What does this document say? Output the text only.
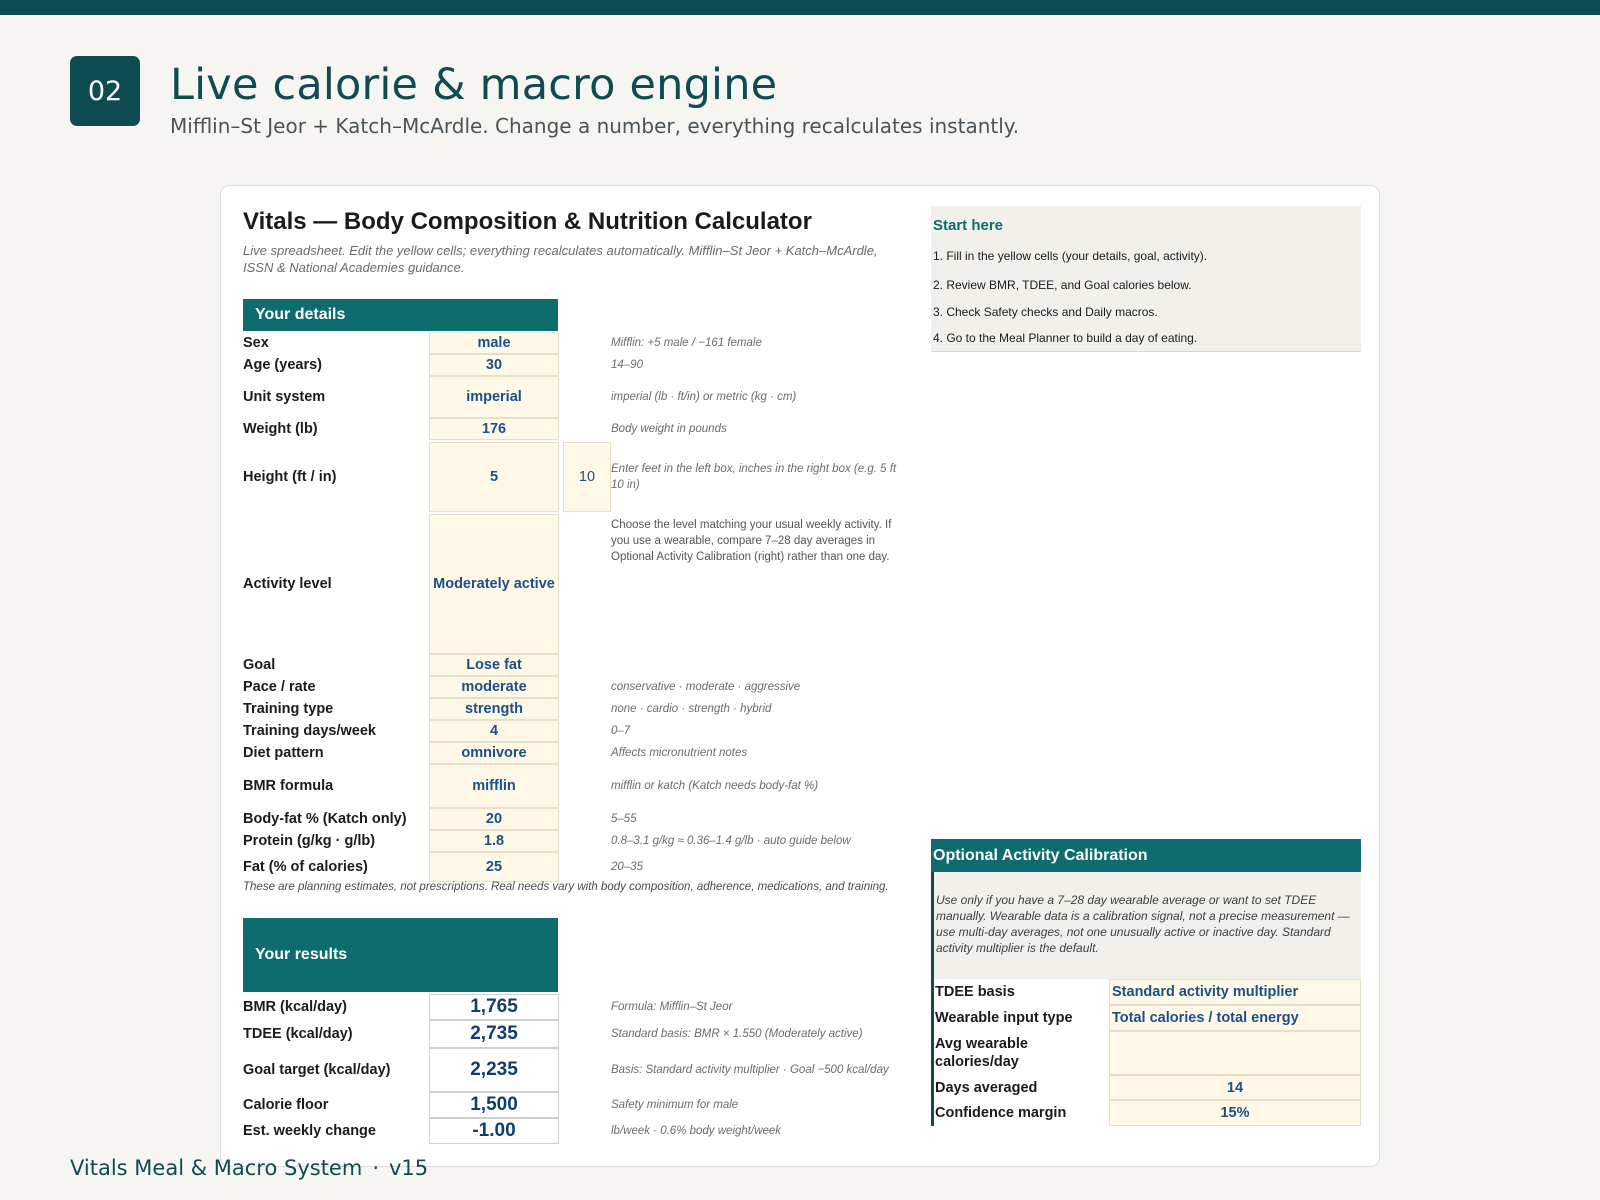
02	Live calorie & macro engine
Mifflin–St Jeor + Katch–McArdle. Change a number, everything recalculates instantly.
Vitals — Body Composition & Nutrition Calculator
Live spreadsheet. Edit the yellow cells; everything recalculates automatically. Mifflin–St Jeor + Katch–McArdle, ISSN & National Academies guidance.
Your details
Sex	male	Mifflin: +5 male / −161 female
Age (years)	30	14–90
Unit system	imperial	imperial (lb · ft/in) or metric (kg · cm)
Weight (lb)	176	Body weight in pounds
Height (ft / in)	5	10	Enter feet in the left box, inches in the right box (e.g. 5 ft 10 in)
Activity level	Moderately active
Choose the level matching your usual weekly activity. If you use a wearable, compare 7–28 day averages in Optional Activity Calibration (right) rather than one day.
Goal	Lose fat
Pace / rate	moderate	conservative · moderate · aggressive
Training type	strength	none · cardio · strength · hybrid
Training days/week	4	0–7
Diet pattern	omnivore	Affects micronutrient notes
BMR formula	mifflin	mifflin or katch (Katch needs body-fat %)
Body-fat % (Katch only)	20	5–55
Protein (g/kg · g/lb)	1.8	0.8–3.1 g/kg ≈ 0.36–1.4 g/lb · auto guide below
Fat (% of calories)	25	20–35
These are planning estimates, not prescriptions. Real needs vary with body composition, adherence, medications, and training.
Your results
BMR (kcal/day)	1,765	Formula: Mifflin–St Jeor
TDEE (kcal/day)	2,735	Standard basis: BMR × 1.550 (Moderately active)
Goal target (kcal/day)	2,235	Basis: Standard activity multiplier · Goal −500 kcal/day
Calorie floor	1,500	Safety minimum for male
Est. weekly change	-1.00	lb/week · 0.6% body weight/week
Start here
1. Fill in the yellow cells (your details, goal, activity).
2. Review BMR, TDEE, and Goal calories below.
3. Check Safety checks and Daily macros.
4. Go to the Meal Planner to build a day of eating.
Optional Activity Calibration
Use only if you have a 7–28 day wearable average or want to set TDEE manually. Wearable data is a calibration signal, not a precise measurement — use multi-day averages, not one unusually active or inactive day. Standard activity multiplier is the default.
TDEE basis	Standard activity multiplier
Wearable input type	Total calories / total energy
Avg wearable calories/day
Days averaged	14
Confidence margin	15%
Vitals Meal & Macro System · v15
